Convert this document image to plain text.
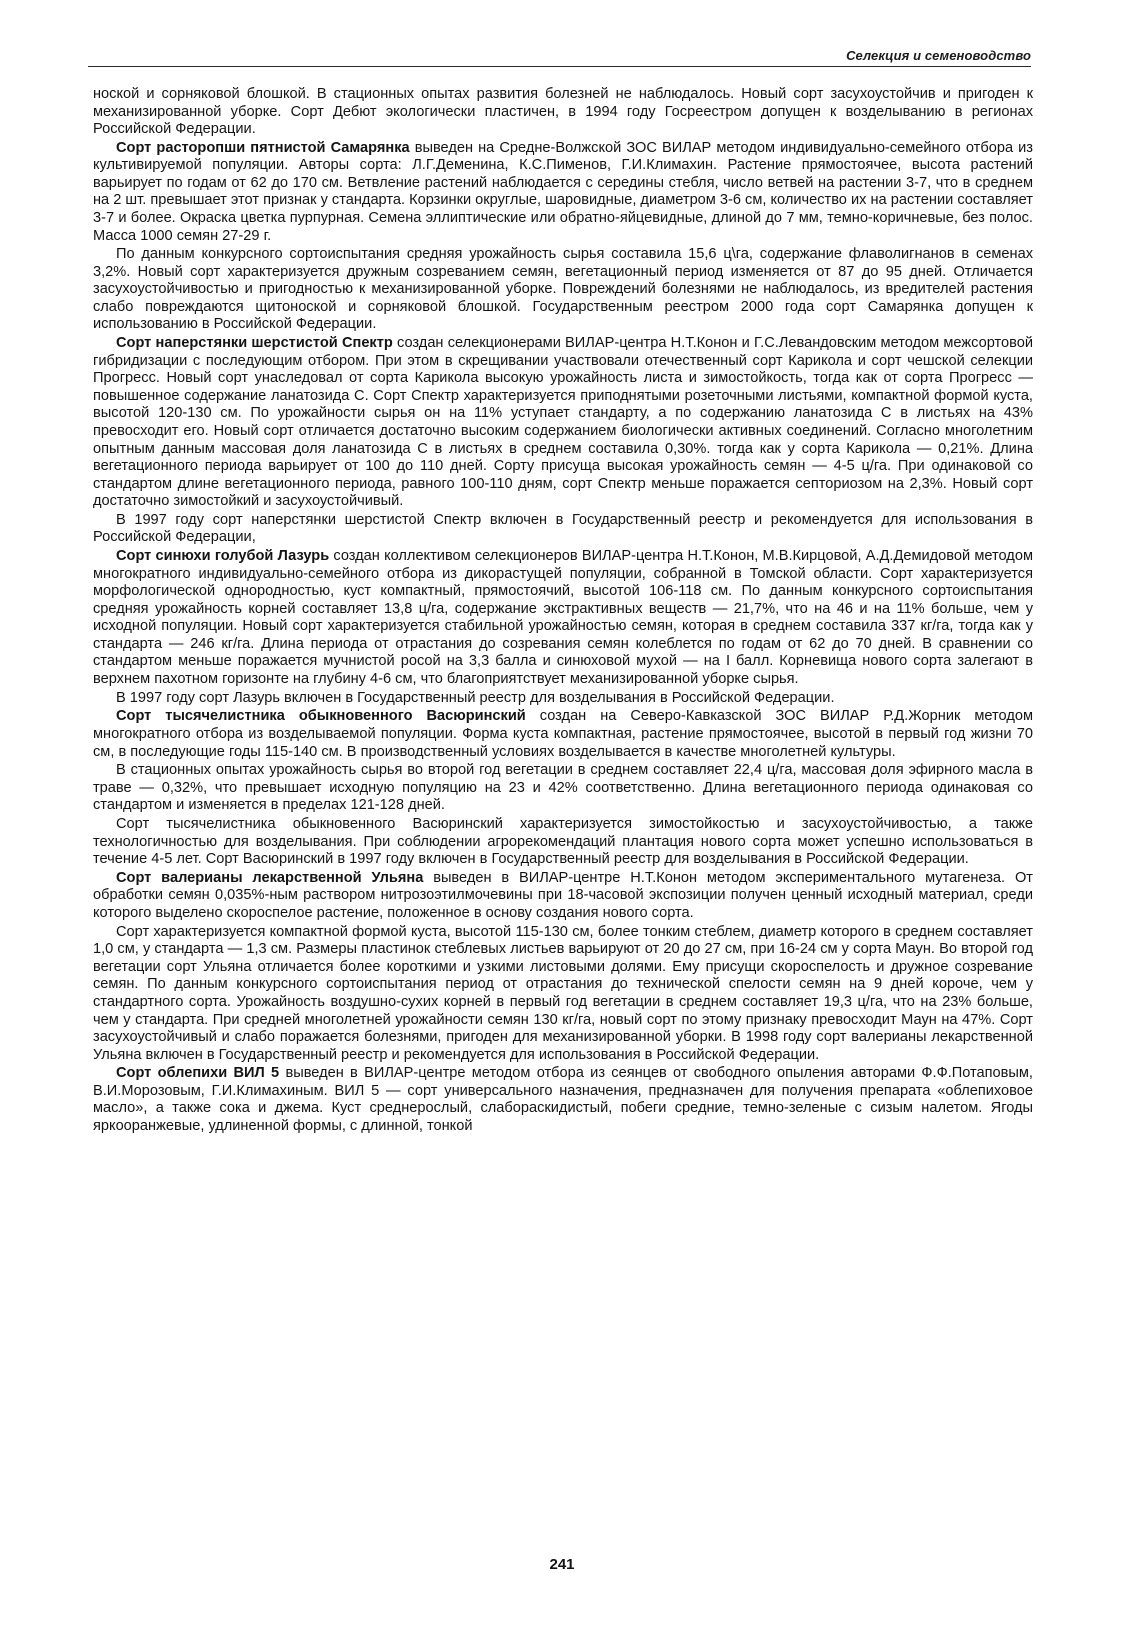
Селекция и семеноводство

ноской и сорняковой блошкой. В стационных опытах развития болезней не наблюдалось. Новый сорт засухоустойчив и пригоден к механизированной уборке. Сорт Дебют экологически пластичен, в 1994 году Госреестром допущен к возделыванию в регионах Российской Федерации.

Сорт расторопши пятнистой Самарянка выведен на Средне-Волжской ЗОС ВИЛАР методом индивидуально-семейного отбора из культивируемой популяции. Авторы сорта: Л.Г.Деменина, К.С.Пименов, Г.И.Климахин. Растение прямостоячее, высота растений варьирует по годам от 62 до 170 см. Ветвление растений наблюдается с середины стебля, число ветвей на растении 3-7, что в среднем на 2 шт. превышает этот признак у стандарта. Корзинки округлые, шаровидные, диаметром 3-6 см, количество их на растении составляет 3-7 и более. Окраска цветка пурпурная. Семена эллиптические или обратно-яйцевидные, длиной до 7 мм, темно-коричневые, без полос. Масса 1000 семян 27-29 г.

По данным конкурсного сортоиспытания средняя урожайность сырья составила 15,6 ц\га, содержание флаволигнанов в семенах 3,2%. Новый сорт характеризуется дружным созреванием семян, вегетационный период изменяется от 87 до 95 дней. Отличается засухоустойчивостью и пригодностью к механизированной уборке. Повреждений болезнями не наблюдалось, из вредителей растения слабо повреждаются щитоноской и сорняковой блошкой. Государственным реестром 2000 года сорт Самарянка допущен к использованию в Российской Федерации.

Сорт наперстянки шерстистой Спектр создан селекционерами ВИЛАР-центра Н.Т.Конон и Г.С.Левандовским методом межсортовой гибридизации с последующим отбором. При этом в скрещивании участвовали отечественный сорт Карикола и сорт чешской селекции Прогресс. Новый сорт унаследовал от сорта Карикола высокую урожайность листа и зимостойкость, тогда как от сорта Прогресс — повышенное содержание ланатозида С. Сорт Спектр характеризуется приподнятыми розеточными листьями, компактной формой куста, высотой 120-130 см. По урожайности сырья он на 11% уступает стандарту, а по содержанию ланатозида С в листьях на 43% превосходит его. Новый сорт отличается достаточно высоким содержанием биологически активных соединений. Согласно многолетним опытным данным массовая доля ланатозида С в листьях в среднем составила 0,30%. тогда как у сорта Карикола — 0,21%. Длина вегетационного периода варьирует от 100 до 110 дней. Сорту присуща высокая урожайность семян — 4-5 ц/га. При одинаковой со стандартом длине вегетационного периода, равного 100-110 дням, сорт Спектр меньше поражается септориозом на 2,3%. Новый сорт достаточно зимостойкий и засухоустойчивый.

В 1997 году сорт наперстянки шерстистой Спектр включен в Государственный реестр и рекомендуется для использования в Российской Федерации,

Сорт синюхи голубой Лазурь создан коллективом селекционеров ВИЛАР-центра Н.Т.Конон, М.В.Кирцовой, А.Д.Демидовой методом многократного индивидуально-семейного отбора из дикорастущей популяции, собранной в Томской области. Сорт характеризуется морфологической однородностью, куст компактный, прямостоячий, высотой 106-118 см. По данным конкурсного сортоиспытания средняя урожайность корней составляет 13,8 ц/га, содержание экстрактивных веществ — 21,7%, что на 46 и на 11% больше, чем у исходной популяции. Новый сорт характеризуется стабильной урожайностью семян, которая в среднем составила 337 кг/га, тогда как у стандарта — 246 кг/га. Длина периода от отрастания до созревания семян колеблется по годам от 62 до 70 дней. В сравнении со стандартом меньше поражается мучнистой росой на 3,3 балла и синюховой мухой — на I балл. Корневища нового сорта залегают в верхнем пахотном горизонте на глубину 4-6 см, что благоприятствует механизированной уборке сырья.

В 1997 году сорт Лазурь включен в Государственный реестр для возделывания в Российской Федерации.

Сорт тысячелистника обыкновенного Васюринский создан на Северо-Кавказской ЗОС ВИЛАР Р.Д.Жорник методом многократного отбора из возделываемой популяции. Форма куста компактная, растение прямостоячее, высотой в первый год жизни 70 см, в последующие годы 115-140 см. В производственный условиях возделывается в качестве многолетней культуры.

В стационных опытах урожайность сырья во второй год вегетации в среднем составляет 22,4 ц/га, массовая доля эфирного масла в траве — 0,32%, что превышает исходную популяцию на 23 и 42% соответственно. Длина вегетационного периода одинаковая со стандартом и изменяется в пределах 121-128 дней.

Сорт тысячелистника обыкновенного Васюринский характеризуется зимостойкостью и засухоустойчивостью, а также технологичностью для возделывания. При соблюдении агрорекомендаций плантация нового сорта может успешно использоваться в течение 4-5 лет. Сорт Васюринский в 1997 году включен в Государственный реестр для возделывания в Российской Федерации.

Сорт валерианы лекарственной Ульяна выведен в ВИЛАР-центре Н.Т.Конон методом экспериментального мутагенеза. От обработки семян 0,035%-ным раствором нитрозоэтилмочевины при 18-часовой экспозиции получен ценный исходный материал, среди которого выделено скороспелое растение, положенное в основу создания нового сорта.

Сорт характеризуется компактной формой куста, высотой 115-130 см, более тонким стеблем, диаметр которого в среднем составляет 1,0 см, у стандарта — 1,3 см. Размеры пластинок стеблевых листьев варьируют от 20 до 27 см, при 16-24 см у сорта Маун. Во второй год вегетации сорт Ульяна отличается более короткими и узкими листовыми долями. Ему присущи скороспелость и дружное созревание семян. По данным конкурсного сортоиспытания период от отрастания до технической спелости семян на 9 дней короче, чем у стандартного сорта. Урожайность воздушно-сухих корней в первый год вегетации в среднем составляет 19,3 ц/га, что на 23% больше, чем у стандарта. При средней многолетней урожайности семян 130 кг/га, новый сорт по этому признаку превосходит Маун на 47%. Сорт засухоустойчивый и слабо поражается болезнями, пригоден для механизированной уборки. В 1998 году сорт валерианы лекарственной Ульяна включен в Государственный реестр и рекомендуется для использования в Российской Федерации.

Сорт облепихи ВИЛ 5 выведен в ВИЛАР-центре методом отбора из сеянцев от свободного опыления авторами Ф.Ф.Потаповым, В.И.Морозовым, Г.И.Климахиным. ВИЛ 5 — сорт универсального назначения, предназначен для получения препарата «облепиховое масло», а также сока и джема. Куст среднерослый, слабораскидистый, побеги средние, темно-зеленые с сизым налетом. Ягоды яркооранжевые, удлиненной формы, с длинной, тонкой

241
